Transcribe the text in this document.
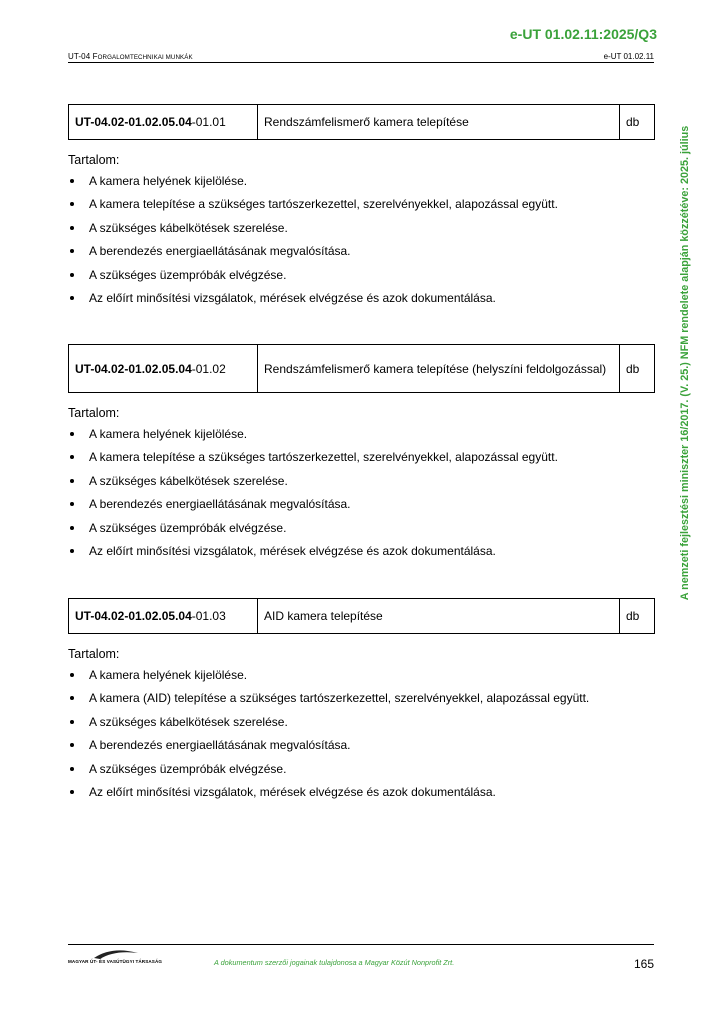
e-UT 01.02.11:2025/Q3
UT-04 FORGALOMTECHNIKAI MUNKÁK	e-UT 01.02.11
A nemzeti fejlesztési miniszter 16/2017. (V. 25.) NFM rendelete alapján közzétéve: 2025. július
UT-04.02-01.02.05.04-01.01	Rendszámfelismerő kamera telepítése	db
Tartalom:
A kamera helyének kijelölése.
A kamera telepítése a szükséges tartószerkezettel, szerelvényekkel, alapozással együtt.
A szükséges kábelkötések szerelése.
A berendezés energiaellátásának megvalósítása.
A szükséges üzempróbák elvégzése.
Az előírt minősítési vizsgálatok, mérések elvégzése és azok dokumentálása.
UT-04.02-01.02.05.04-01.02	Rendszámfelismerő kamera telepítése (helyszíni feldolgozással)	db
Tartalom:
A kamera helyének kijelölése.
A kamera telepítése a szükséges tartószerkezettel, szerelvényekkel, alapozással együtt.
A szükséges kábelkötések szerelése.
A berendezés energiaellátásának megvalósítása.
A szükséges üzempróbák elvégzése.
Az előírt minősítési vizsgálatok, mérések elvégzése és azok dokumentálása.
UT-04.02-01.02.05.04-01.03	AID kamera telepítése	db
Tartalom:
A kamera helyének kijelölése.
A kamera (AID) telepítése a szükséges tartószerkezettel, szerelvényekkel, alapozással együtt.
A szükséges kábelkötések szerelése.
A berendezés energiaellátásának megvalósítása.
A szükséges üzempróbák elvégzése.
Az előírt minősítési vizsgálatok, mérések elvégzése és azok dokumentálása.
MAGYAR ÚT- ÉS VASÚTÜGYI TÁRSASÁG	A dokumentum szerzői jogainak tulajdonosa a Magyar Közút Nonprofit Zrt.	165
